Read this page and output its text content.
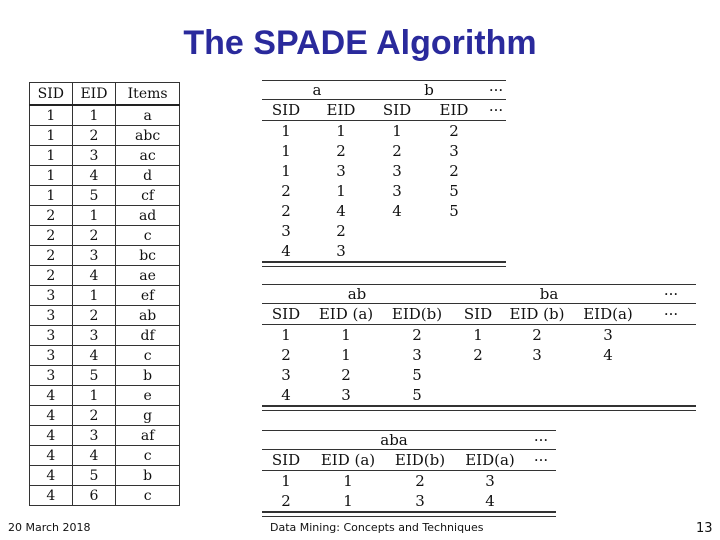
The SPADE Algorithm
SID	EID	Items
1	1	a
1	2	abc
1	3	ac
1	4	d
1	5	cf
2	1	ad
2	2	c
2	3	bc
2	4	ae
3	1	ef
3	2	ab
3	3	df
3	4	c
3	5	b
4	1	e
4	2	g
4	3	af
4	4	c
4	5	b
4	6	c
a		b		···
SID	EID	SID	EID	···
1	1	1	2	
1	2	2	3	
1	3	3	2	
2	1	3	5	
2	4	4	5	
3	2			
4	3			
ab			ba			···
SID	EID (a)	EID(b)	SID	EID (b)	EID(a)	···
1	1	2	1	2	3	
2	1	3	2	3	4	
3	2	5				
4	3	5				
aba				···
SID	EID (a)	EID(b)	EID(a)	···
1	1	2	3	
2	1	3	4	
20 March 2018	Data Mining: Concepts and Techniques	13
